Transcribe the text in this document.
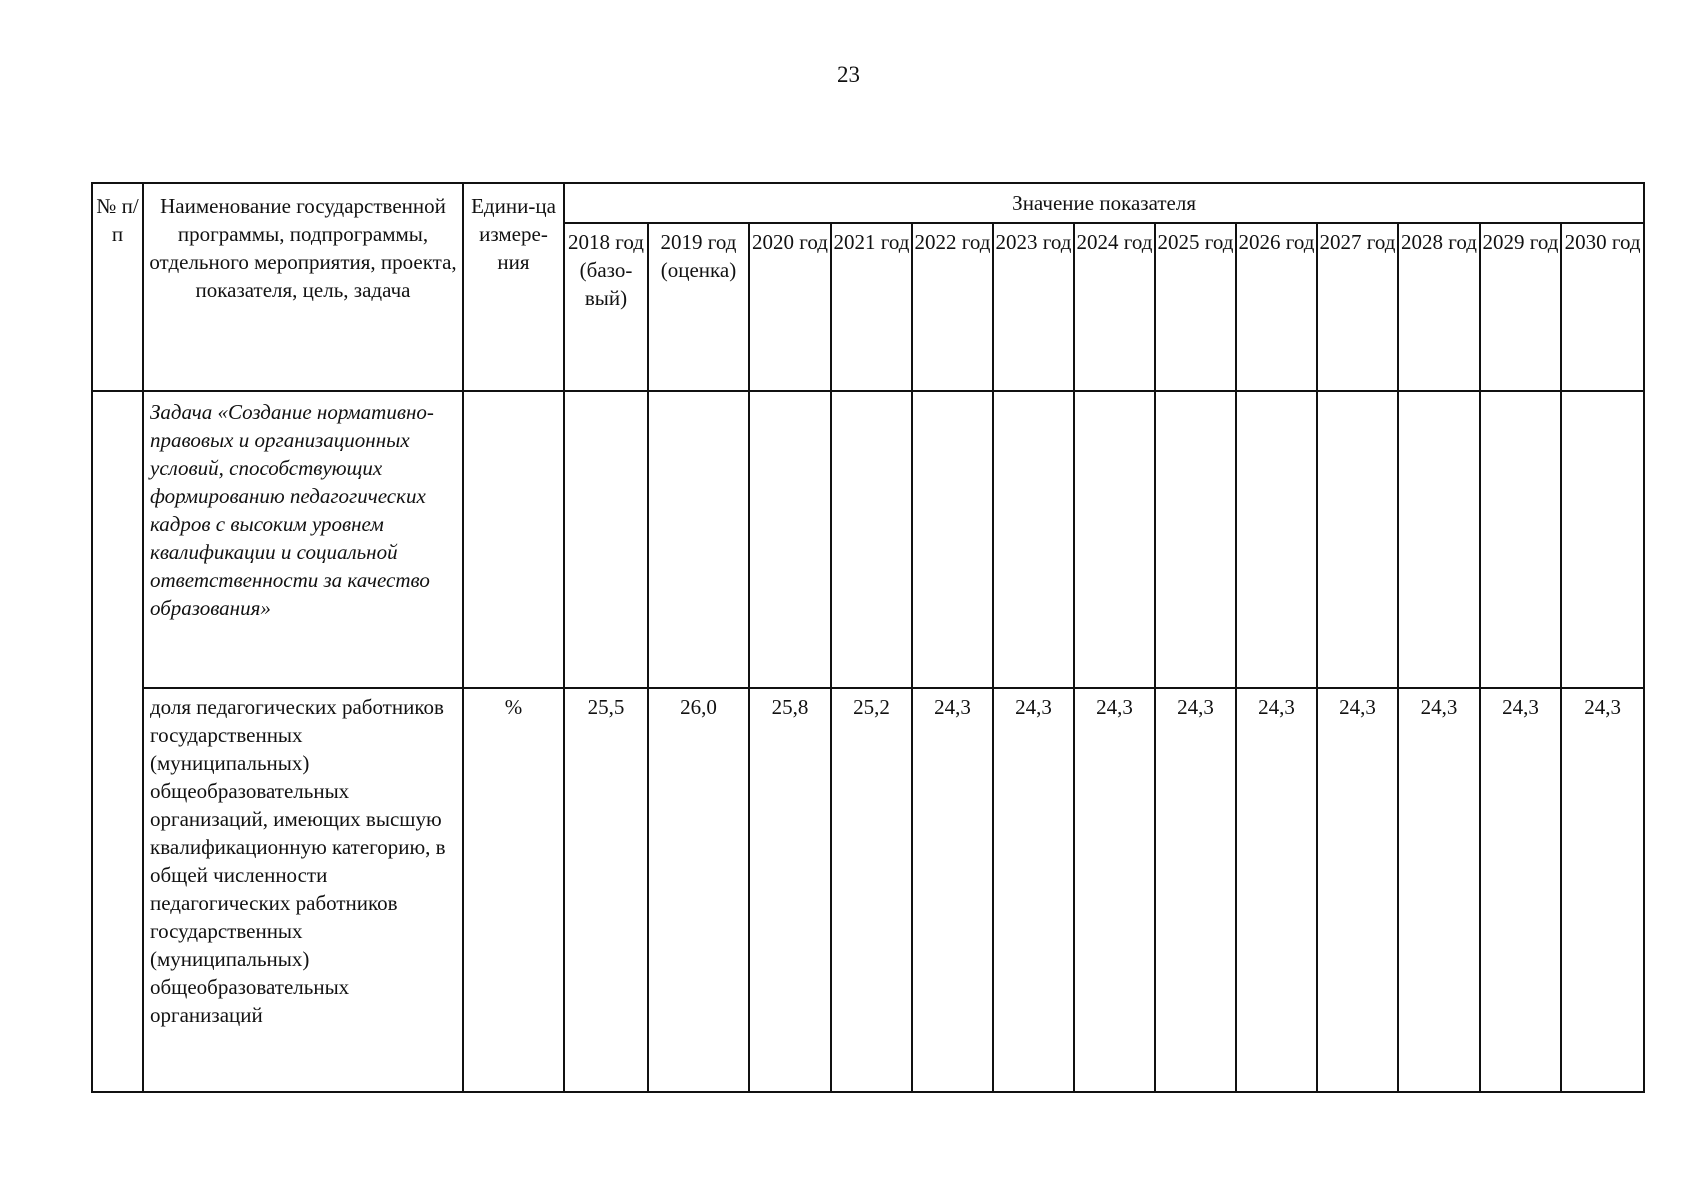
23
№ п/п	Наименование государственной программы, подпрограммы, отдельного мероприятия, проекта, показателя, цель, задача	Едини-ца измере-ния	Значение показателя												
			2018 год (базо-вый)	2019 год (оценка)	2020 год	2021 год	2022 год	2023 год	2024 год	2025 год	2026 год	2027 год	2028 год	2029 год	2030 год
	Задача «Создание нормативно-правовых и организационных условий, способствующих формированию педагогических кадров с высоким уровнем квалификации и социальной ответственности за качество образования»														
	доля педагогических работников государственных (муниципальных) общеобразовательных организаций, имеющих высшую квалификационную категорию, в общей численности педагогических работников государственных (муниципальных) общеобразовательных организаций	%	25,5	26,0	25,8	25,2	24,3	24,3	24,3	24,3	24,3	24,3	24,3	24,3	24,3
